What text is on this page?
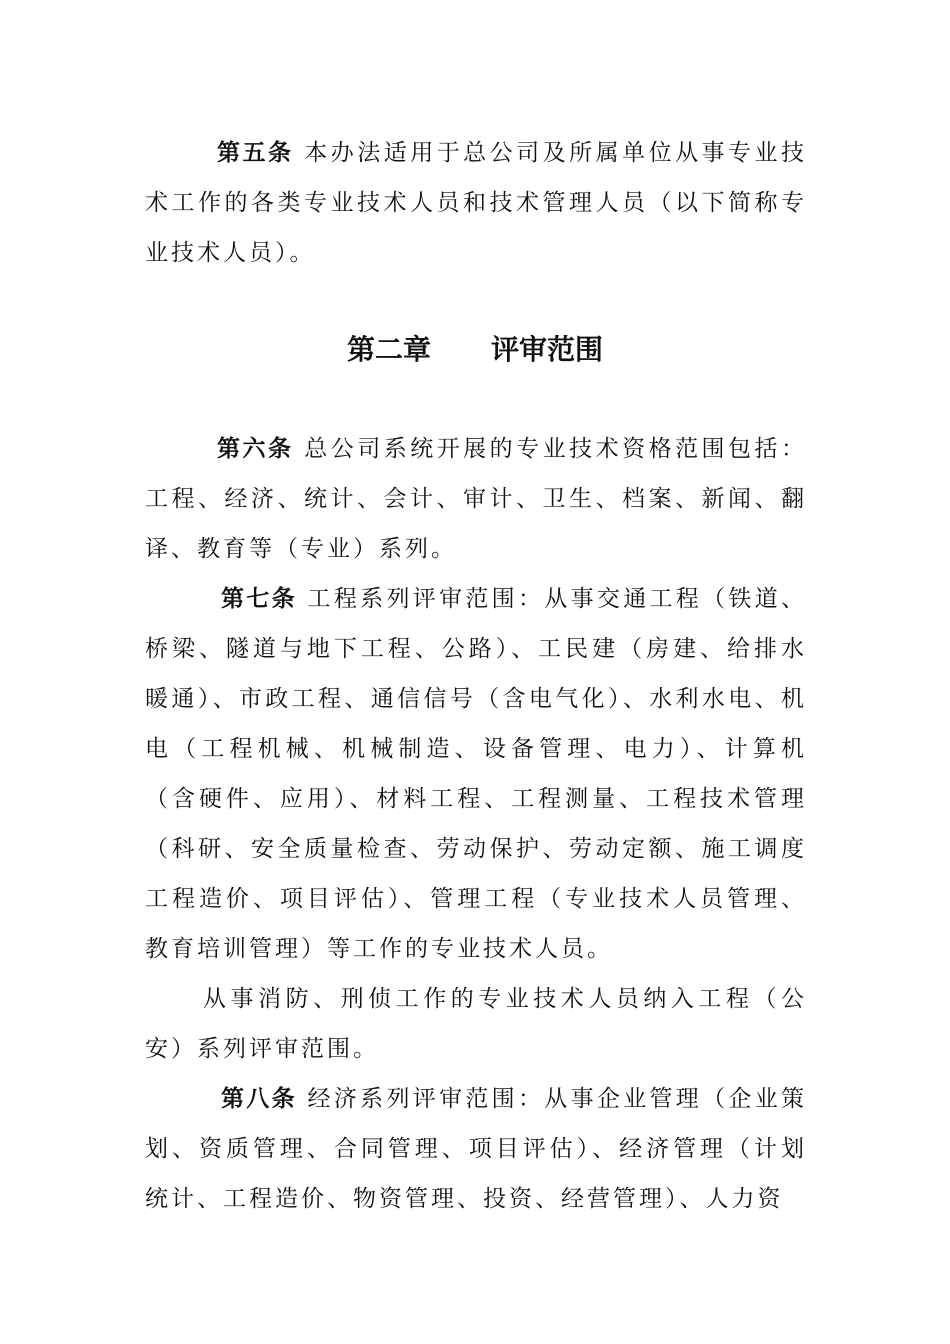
第五条 本办法适用于总公司及所属单位从事专业技术工作的各类专业技术人员和技术管理人员（以下简称专业技术人员）。

第二章 评审范围

第六条 总公司系统开展的专业技术资格范围包括：工程、经济、统计、会计、审计、卫生、档案、新闻、翻译、教育等（专业）系列。

第七条 工程系列评审范围：从事交通工程（铁道、桥梁、隧道与地下工程、公路）、工民建（房建、给排水暖通）、市政工程、通信信号（含电气化）、水利水电、机电（工程机械、机械制造、设备管理、电力）、计算机（含硬件、应用）、材料工程、工程测量、工程技术管理（科研、安全质量检查、劳动保护、劳动定额、施工调度工程造价、项目评估）、管理工程（专业技术人员管理、教育培训管理）等工作的专业技术人员。

从事消防、刑侦工作的专业技术人员纳入工程（公安）系列评审范围。

第八条 经济系列评审范围：从事企业管理（企业策划、资质管理、合同管理、项目评估）、经济管理（计划统计、工程造价、物资管理、投资、经营管理）、人力资
